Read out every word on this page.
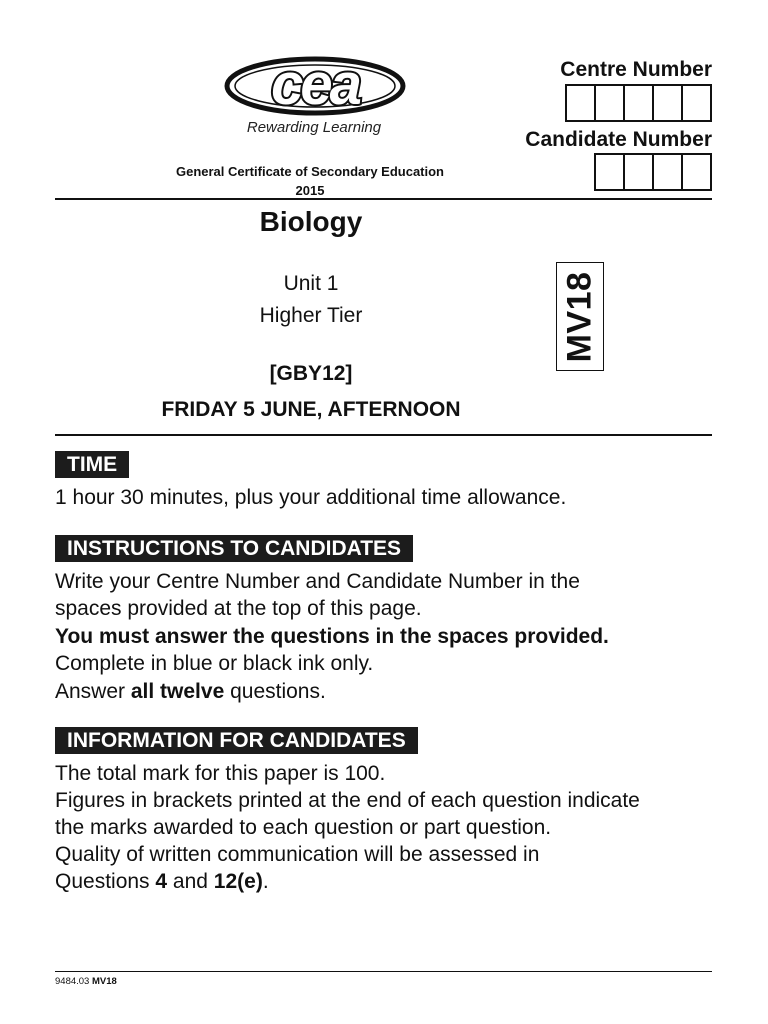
cea
Rewarding Learning
General Certificate of Secondary Education
2015
Centre Number
Candidate Number
Biology
Unit 1
Higher Tier
[GBY12]
FRIDAY 5 JUNE, AFTERNOON
MV18
TIME
1 hour 30 minutes, plus your additional time allowance.
INSTRUCTIONS TO CANDIDATES
Write your Centre Number and Candidate Number in the
spaces provided at the top of this page.
You must answer the questions in the spaces provided.
Complete in blue or black ink only.
Answer all twelve questions.
INFORMATION FOR CANDIDATES
The total mark for this paper is 100.
Figures in brackets printed at the end of each question indicate
the marks awarded to each question or part question.
Quality of written communication will be assessed in
Questions 4 and 12(e).
9484.03 MV18
